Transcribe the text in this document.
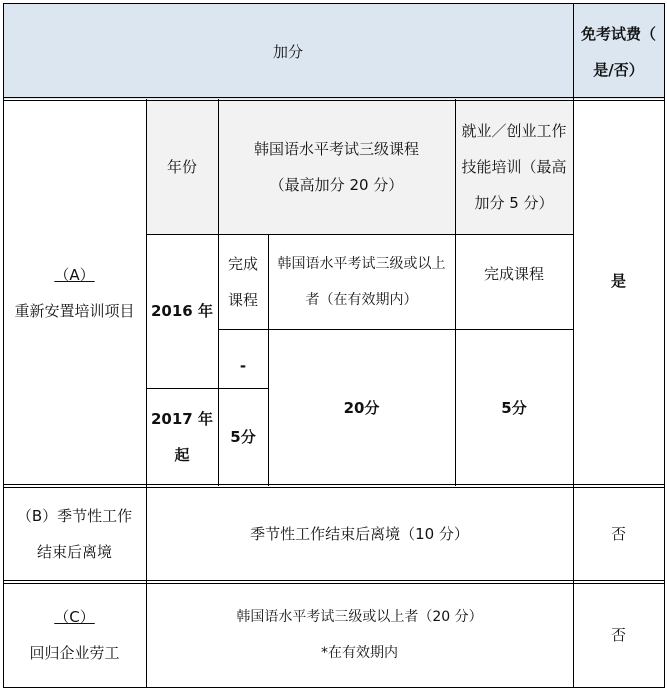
加分
免考试费（
是/否）
（A）
重新安置培训项目
年份
韩国语水平考试三级课程
（最高加分 20 分）
就业／创业工作
技能培训（最高
加分 5 分）
是
2016 年
完成
课程
韩国语水平考试三级或以上
者（在有效期内）
完成课程
-
2017 年
起
5分
20分	5分
（B）季节性工作
结束后离境
季节性工作结束后离境（10 分）	否
（C）
回归企业劳工
韩国语水平考试三级或以上者（20 分）
*在有效期内
否
